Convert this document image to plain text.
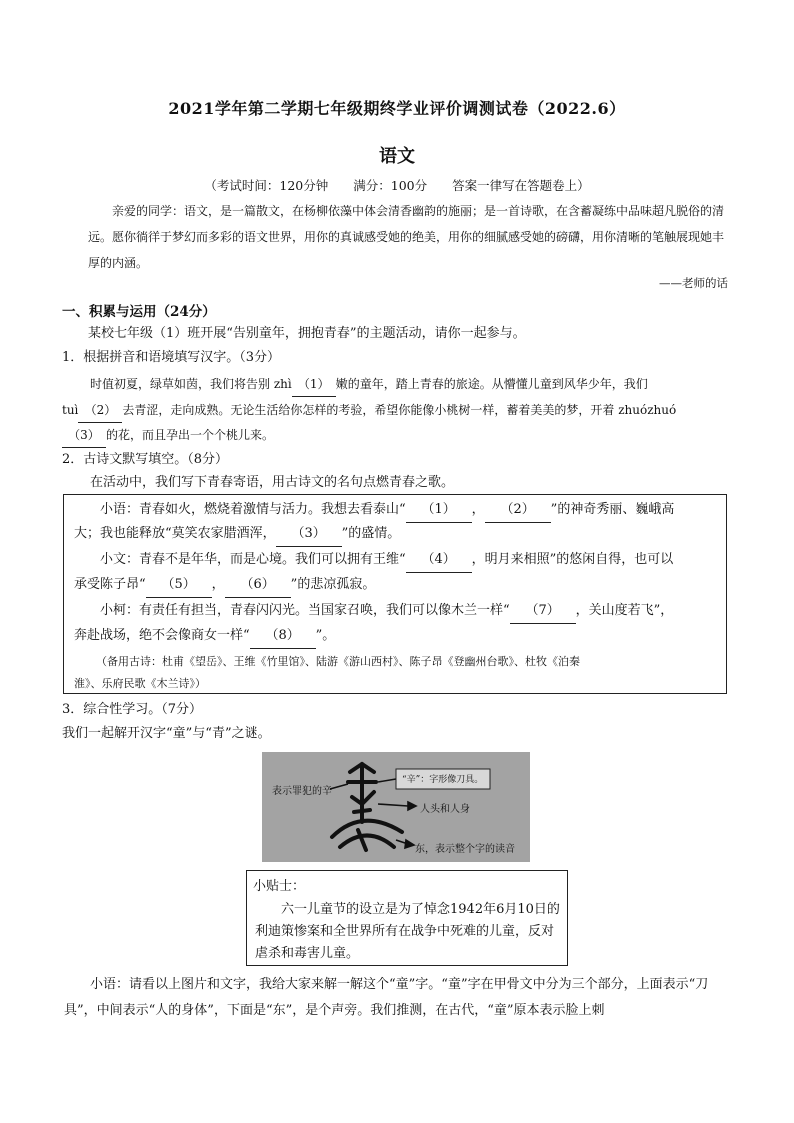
2021学年第二学期七年级期终学业评价调测试卷（2022.6）
语文
（考试时间：120分钟　　满分：100分　　答案一律写在答题卷上）
亲爱的同学：语文，是一篇散文，在杨柳依藻中体会清香幽韵的施丽；是一首诗歌，在含蓄凝练中品味超凡脱俗的清远。愿你徜徉于梦幻而多彩的语文世界，用你的真诚感受她的绝美，用你的细腻感受她的磅礴，用你清晰的笔触展现她丰厚的内涵。
——老师的话
一、积累与运用（24分）
某校七年级（1）班开展“告别童年，拥抱青春”的主题活动，请你一起参与。
1．根据拼音和语境填写汉字。（3分）
时值初夏，绿草如茵，我们将告别 zhì （1） 嫩的童年，踏上青春的旅途。从懵懂儿童到风华少年，我们
tuì （2） 去青涩，走向成熟。无论生活给你怎样的考验，希望你能像小桃树一样，蓄着美美的梦，开着 zhuózhuó
（3） 的花，而且孕出一个个桃儿来。
2．古诗文默写填空。（8分）
在活动中，我们写下青春寄语，用古诗文的名句点燃青春之歌。
小语：青春如火，燃烧着激情与活力。我想去看泰山“ （1） ， （2） ”的神奇秀丽、巍峨高
大；我也能释放“莫笑农家腊酒浑， （3） ”的盛情。
小文：青春不是年华，而是心境。我们可以拥有王维“ （4） ，明月来相照”的悠闲自得，也可以
承受陈子昂“ （5） ， （6） ”的悲凉孤寂。
小柯：有责任有担当，青春闪闪光。当国家召唤，我们可以像木兰一样“ （7） ，关山度若飞”，
奔赴战场，绝不会像商女一样“ （8） ”。
（备用古诗：杜甫《望岳》、王维《竹里馆》、陆游《游山西村》、陈子昂《登幽州台歌》、杜牧《泊秦
淮》、乐府民歌《木兰诗》）
3．综合性学习。（7分）
我们一起解开汉字“童”与“青”之谜。
表示罪犯的辛
“辛”：字形像刀具。
人头和人身
东，表示整个字的读音
小贴士：
六一儿童节的设立是为了悼念1942年6月10日的利迪策惨案和全世界所有在战争中死难的儿童，反对虐杀和毒害儿童。
小语：请看以上图片和文字，我给大家来解一解这个“童”字。“童”字在甲骨文中分为三个部分，上面表示“刀具”，中间表示“人的身体”，下面是“东”，是个声旁。我们推测，在古代，“童”原本表示脸上刺
